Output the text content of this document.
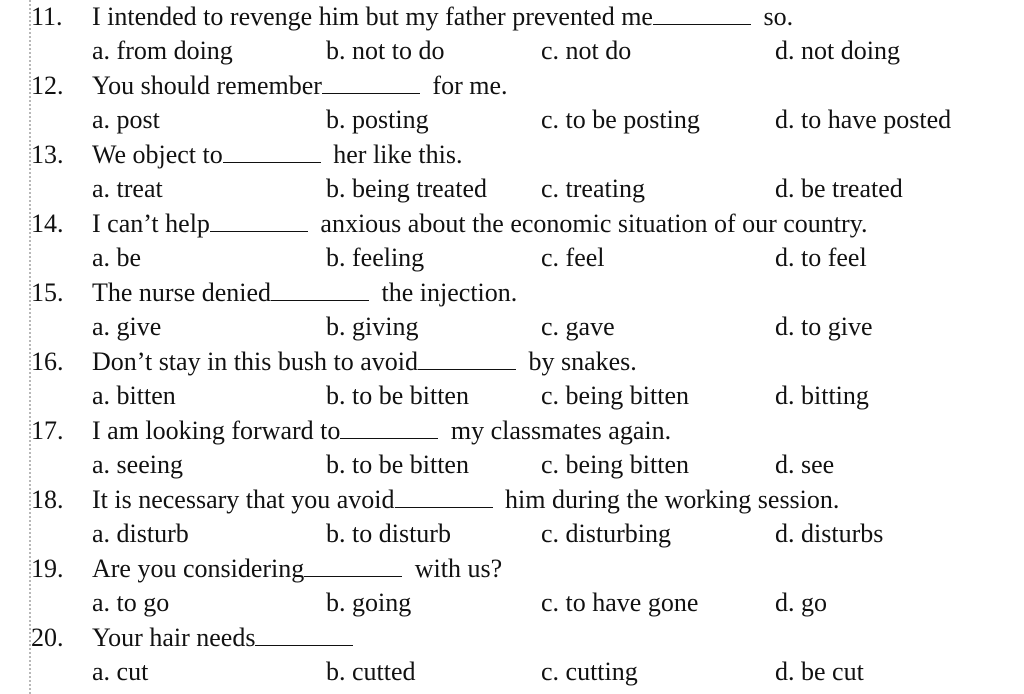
11. I intended to revenge him but my father prevented me	so.
a. from doing	b. not to do	c. not do	d. not doing
12. You should remember	for me.
a. post	b. posting	c. to be posting	d. to have posted
13. We object to	her like this.
a. treat	b. being treated c. treating	d. be treated
14. I can’t help	anxious about the economic situation of our country.
a. be	b. feeling	c. feel	d. to feel
15. The nurse denied	the injection.
a. give	b. giving	c. gave	d. to give
16. Don’t stay in this bush to avoid	by snakes.
a. bitten	b. to be bitten	c. being bitten	d. bitting
17. I am looking forward to	my classmates again.
a. seeing	b. to be bitten	c. being bitten	d. see
18. It is necessary that you avoid	him during the working session.
a. disturb	b. to disturb	c. disturbing	d. disturbs
19. Are you considering	with us?
a. to go	b. going	c. to have gone	d. go
20. Your hair needs
a. cut	b. cutted	c. cutting	d. be cut
